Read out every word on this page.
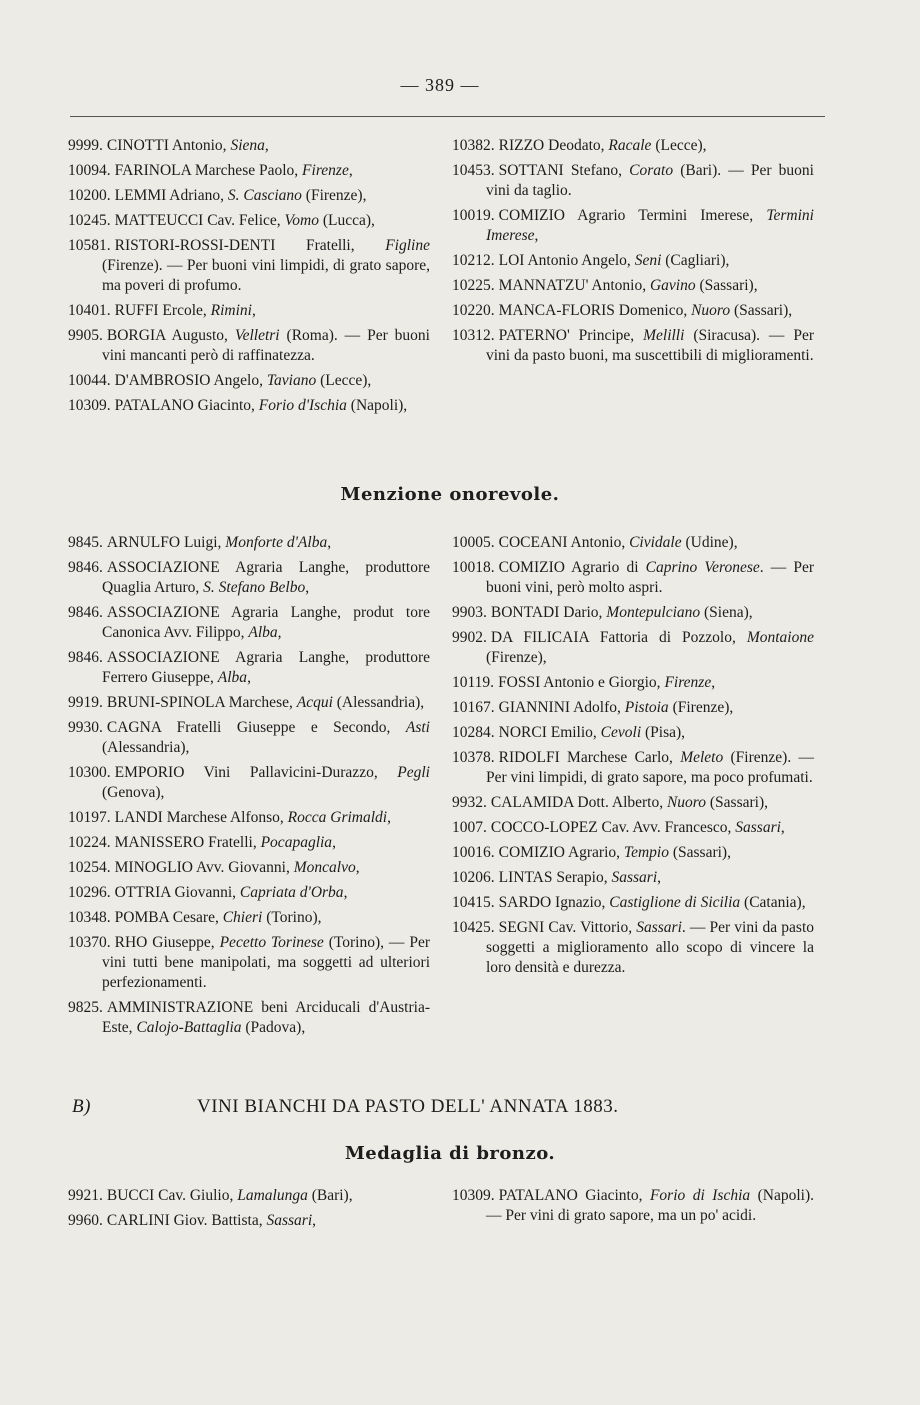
— 389 —
9999. CINOTTI Antonio, Siena,
10094. FARINOLA Marchese Paolo, Firenze,
10200. LEMMI Adriano, S. Casciano (Firenze),
10245. MATTEUCCI Cav. Felice, Vomo (Lucca),
10581. RISTORI-ROSSI-DENTI Fratelli, Figline (Firenze). — Per buoni vini limpidi, di grato sapore, ma poveri di profumo.
10401. RUFFI Ercole, Rimini,
9905. BORGIA Augusto, Velletri (Roma). — Per buoni vini mancanti però di raffinatezza.
10044. D'AMBROSIO Angelo, Taviano (Lecce),
10309. PATALANO Giacinto, Forio d'Ischia (Napoli),
10382. RIZZO Deodato, Racale (Lecce),
10453. SOTTANI Stefano, Corato (Bari). — Per buoni vini da taglio.
10019. COMIZIO Agrario Termini Imerese, Termini Imerese,
10212. LOI Antonio Angelo, Seni (Cagliari),
10225. MANNATZU' Antonio, Gavino (Sassari),
10220. MANCA-FLORIS Domenico, Nuoro (Sassari),
10312. PATERNO' Principe, Melilli (Siracusa). — Per vini da pasto buoni, ma suscettibili di miglioramenti.
Menzione onorevole.
9845. ARNULFO Luigi, Monforte d'Alba,
9846. ASSOCIAZIONE Agraria Langhe, produttore Quaglia Arturo, S. Stefano Belbo,
9846. ASSOCIAZIONE Agraria Langhe, produt tore Canonica Avv. Filippo, Alba,
9846. ASSOCIAZIONE Agraria Langhe, produttore Ferrero Giuseppe, Alba,
9919. BRUNI-SPINOLA Marchese, Acqui (Alessandria),
9930. CAGNA Fratelli Giuseppe e Secondo, Asti (Alessandria),
10300. EMPORIO Vini Pallavicini-Durazzo, Pegli (Genova),
10197. LANDI Marchese Alfonso, Rocca Grimaldi,
10224. MANISSERO Fratelli, Pocapaglia,
10254. MINOGLIO Avv. Giovanni, Moncalvo,
10296. OTTRIA Giovanni, Capriata d'Orba,
10348. POMBA Cesare, Chieri (Torino),
10370. RHO Giuseppe, Pecetto Torinese (Torino), — Per vini tutti bene manipolati, ma soggetti ad ulteriori perfezionamenti.
9825. AMMINISTRAZIONE beni Arciducali d'Austria-Este, Calojo-Battaglia (Padova),
10005. COCEANI Antonio, Cividale (Udine),
10018. COMIZIO Agrario di Caprino Veronese. — Per buoni vini, però molto aspri.
9903. BONTADI Dario, Montepulciano (Siena),
9902. DA FILICAIA Fattoria di Pozzolo, Montaione (Firenze),
10119. FOSSI Antonio e Giorgio, Firenze,
10167. GIANNINI Adolfo, Pistoia (Firenze),
10284. NORCI Emilio, Cevoli (Pisa),
10378. RIDOLFI Marchese Carlo, Meleto (Firenze). — Per vini limpidi, di grato sapore, ma poco profumati.
9932. CALAMIDA Dott. Alberto, Nuoro (Sassari),
1007. COCCO-LOPEZ Cav. Avv. Francesco, Sassari,
10016. COMIZIO Agrario, Tempio (Sassari),
10206. LINTAS Serapio, Sassari,
10415. SARDO Ignazio, Castiglione di Sicilia (Catania),
10425. SEGNI Cav. Vittorio, Sassari. — Per vini da pasto soggetti a miglioramento allo scopo di vincere la loro densità e durezza.
B)	VINI BIANCHI DA PASTO DELL' ANNATA 1883.
Medaglia di bronzo.
9921. BUCCI Cav. Giulio, Lamalunga (Bari),
9960. CARLINI Giov. Battista, Sassari,
10309. PATALANO Giacinto, Forio di Ischia (Napoli). — Per vini di grato sapore, ma un po' acidi.
